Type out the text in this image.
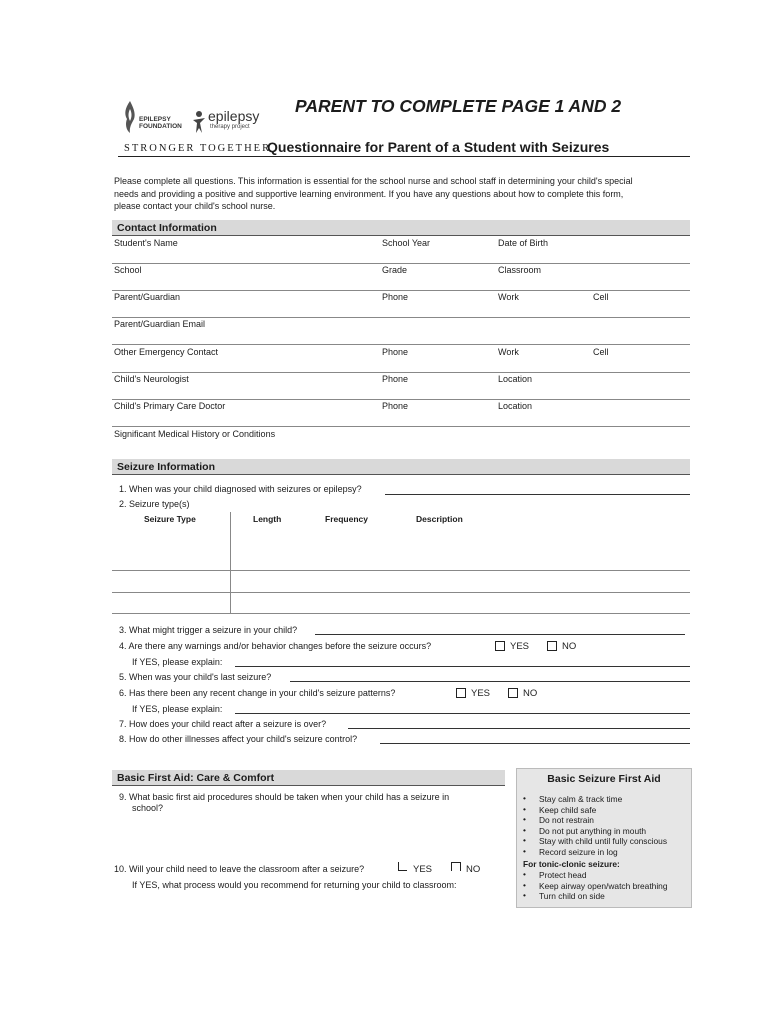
EPILEPSY FOUNDATION
epilepsy
therapy project
STRONGER TOGETHER
PARENT TO COMPLETE PAGE 1 AND 2
Questionnaire for Parent of a Student with Seizures
Please complete all questions. This information is essential for the school nurse and school staff in determining your child's special
needs and providing a positive and supportive learning environment. If you have any questions about how to complete this form,
please contact your child's school nurse.
Contact Information
Student's Name	School Year	Date of Birth
School	Grade	Classroom
Parent/Guardian	Phone	Work	Cell
Parent/Guardian Email
Other Emergency Contact	Phone	Work	Cell
Child's Neurologist	Phone	Location
Child's Primary Care Doctor	Phone	Location
Significant Medical History or Conditions
Seizure Information
1. When was your child diagnosed with seizures or epilepsy?
2. Seizure type(s)
Seizure Type	Length	Frequency	Description
3. What might trigger a seizure in your child?
4. Are there any warnings and/or behavior changes before the seizure occurs?	YES	NO
If YES, please explain:
5. When was your child's last seizure?
6. Has there been any recent change in your child's seizure patterns?	YES	NO
If YES, please explain:
7. How does your child react after a seizure is over?
8. How do other illnesses affect your child's seizure control?
Basic First Aid: Care & Comfort
9. What basic first aid procedures should be taken when your child has a seizure in
school?
10. Will your child need to leave the classroom after a seizure?	YES	NO
If YES, what process would you recommend for returning your child to classroom:
Basic Seizure First Aid
• Stay calm & track time
• Keep child safe
• Do not restrain
• Do not put anything in mouth
• Stay with child until fully conscious
• Record seizure in log
For tonic-clonic seizure:
• Protect head
• Keep airway open/watch breathing
• Turn child on side
